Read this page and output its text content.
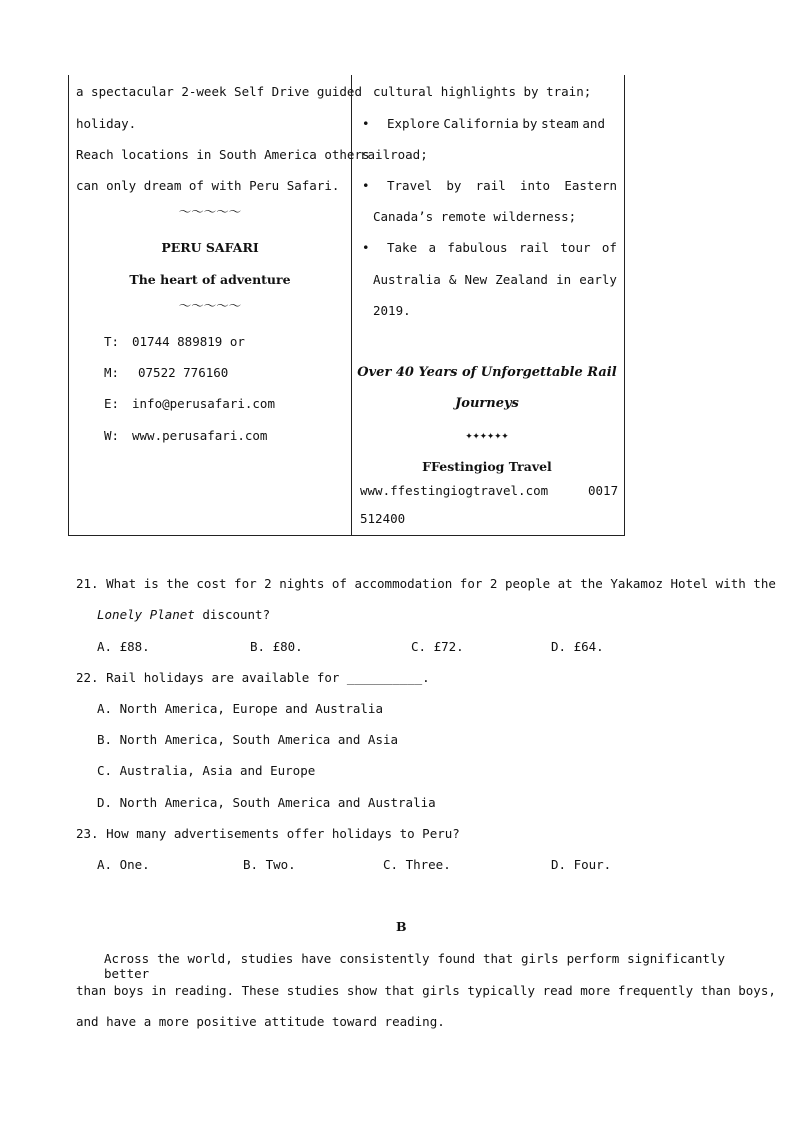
a spectacular 2-week Self Drive guided
holiday.
Reach locations in South America others
can only dream of with Peru Safari.
～～～～～
PERU SAFARI
The heart of adventure
～～～～～
T: 01744 889819 or
M: 07522 776160
E: info@perusafari.com
W: www.perusafari.com
cultural highlights by train;
• Explore California by steam and
railroad;
• Travel by rail into Eastern
Canada’s remote wilderness;
• Take a fabulous rail tour of
Australia & New Zealand in early
2019.
Over 40 Years of Unforgettable Rail
Journeys
✦✦✦✦✦✦
FFestingiog Travel
www.ffestingiogtravel.com	0017
512400
21. What is the cost for 2 nights of accommodation for 2 people at the Yakamoz Hotel with the
Lonely Planet discount?
A. £88.	B. £80.	C. £72.	D. £64.
22. Rail holidays are available for __________.
A. North America, Europe and Australia
B. North America, South America and Asia
C. Australia, Asia and Europe
D. North America, South America and Australia
23. How many advertisements offer holidays to Peru?
A. One.	B. Two.	C. Three.	D. Four.
B
Across the world, studies have consistently found that girls perform significantly better
than boys in reading. These studies show that girls typically read more frequently than boys,
and have a more positive attitude toward reading.
